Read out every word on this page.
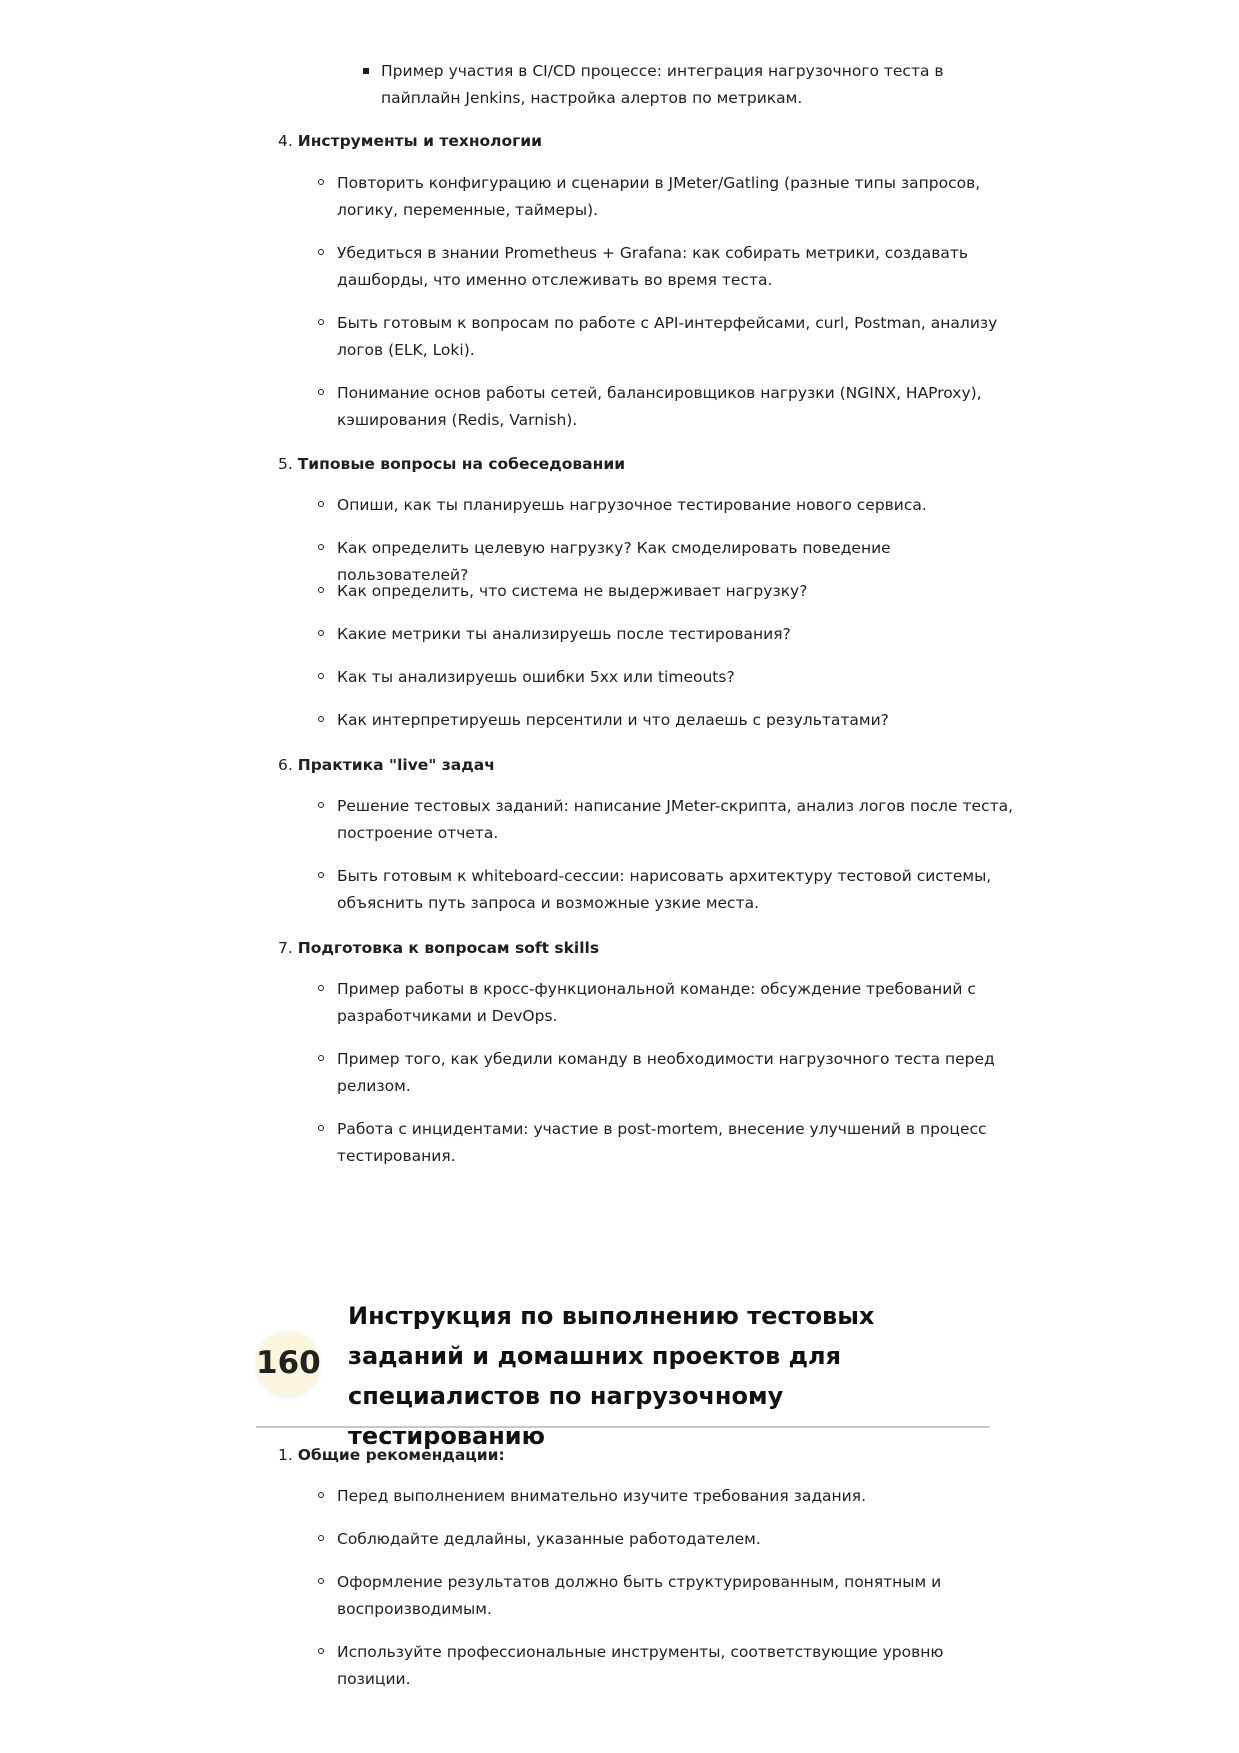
Пример участия в CI/CD процессе: интеграция нагрузочного теста в пайплайн Jenkins, настройка алертов по метрикам.
4. Инструменты и технологии
Повторить конфигурацию и сценарии в JMeter/Gatling (разные типы запросов, логику, переменные, таймеры).
Убедиться в знании Prometheus + Grafana: как собирать метрики, создавать дашборды, что именно отслеживать во время теста.
Быть готовым к вопросам по работе с API-интерфейсами, curl, Postman, анализу логов (ELK, Loki).
Понимание основ работы сетей, балансировщиков нагрузки (NGINX, HAProxy), кэширования (Redis, Varnish).
5. Типовые вопросы на собеседовании
Опиши, как ты планируешь нагрузочное тестирование нового сервиса.
Как определить целевую нагрузку? Как смоделировать поведение пользователей?
Как определить, что система не выдерживает нагрузку?
Какие метрики ты анализируешь после тестирования?
Как ты анализируешь ошибки 5xx или timeouts?
Как интерпретируешь персентили и что делаешь с результатами?
6. Практика "live" задач
Решение тестовых заданий: написание JMeter-скрипта, анализ логов после теста, построение отчета.
Быть готовым к whiteboard-сессии: нарисовать архитектуру тестовой системы, объяснить путь запроса и возможные узкие места.
7. Подготовка к вопросам soft skills
Пример работы в кросс-функциональной команде: обсуждение требований с разработчиками и DevOps.
Пример того, как убедили команду в необходимости нагрузочного теста перед релизом.
Работа с инцидентами: участие в post-mortem, внесение улучшений в процесс тестирования.
160
Инструкция по выполнению тестовых заданий и домашних проектов для специалистов по нагрузочному тестированию
1. Общие рекомендации:
Перед выполнением внимательно изучите требования задания.
Соблюдайте дедлайны, указанные работодателем.
Оформление результатов должно быть структурированным, понятным и воспроизводимым.
Используйте профессиональные инструменты, соответствующие уровню позиции.
